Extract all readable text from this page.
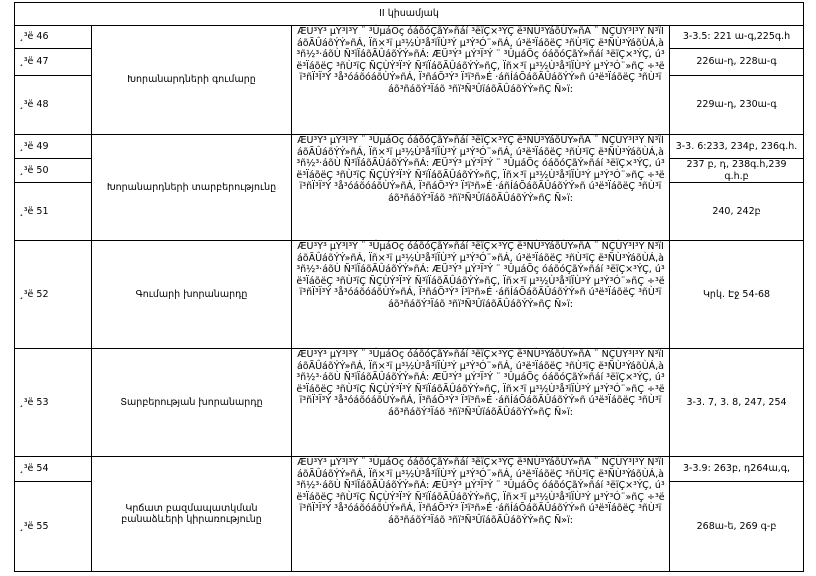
II կիսամյակ			
¸³ë 46	Խորանարդների գումարը	ÆÜ³Ý³ µÝ³Ï³Ý ¨ ³ÛµáÕç óáõóÇãÝ»ñáí ³ëïÇ×³ÝÇ ë³ÑÙ³ÝáõÙÝ»ñÁ ¨ ÑÇÙÝ³Ï³Ý Ñ³ïÏáõÃÛáõÝÝ»ñÁ, Ïñ×³ï µ³½Ù³å³ïÏÙ³Ý µ³Ý³Ó¨»ñÁ, ú³ë³ÏáõëÇ ³ñÙ³ïÇ ë³ÑÙ³ÝáõÙÁ,à³ñ½³·áõÙ Ñ³ïÏáõÃÛáõÝÝ»ñÁ: ÆÜ³Ý³ µÝ³Ï³Ý ¨ ³ÛµáÕç óáõóÇãÝ»ñáí ³ëïÇ×³ÝÇ, ú³ë³ÏáõëÇ ³ñÙ³ïÇ ÑÇÙÝ³Ï³Ý Ñ³ïÏáõÃÛáõÝÝ»ñÇ, Ïñ×³ï µ³½Ù³å³ïÏÙ³Ý µ³Ý³Ó¨»ñÇ ÷³ëï³ñÏ³Ï³Ý ³å³óáõóáõÙÝ»ñÁ, Ï³ñáÕ³Ý³ Ï³ï³ñ»É ·áñÍáÕáõÃÛáõÝÝ»ñ ú³ë³ÏáõëÇ ³ñÙ³ï áõ³ñáõÝ³Ïáõ ³ñï³Ñ³ÛïáõÃÛáõÝÝ»ñÇ Ñ»ï:	3-3.5: 221 ա-գ,225գ.հ
¸³ë 47			226ա-դ, 228ա-գ
¸³ë 48			229ա-դ, 230ա-գ
¸³ë 49	Խորանարդների տարբերությունը	ÆÜ³Ý³ µÝ³Ï³Ý ¨ ³ÛµáÕç óáõóÇãÝ»ñáí ³ëïÇ×³ÝÇ ë³ÑÙ³ÝáõÙÝ»ñÁ ¨ ÑÇÙÝ³Ï³Ý Ñ³ïÏáõÃÛáõÝÝ»ñÁ, Ïñ×³ï µ³½Ù³å³ïÏÙ³Ý µ³Ý³Ó¨»ñÁ, ú³ë³ÏáõëÇ ³ñÙ³ïÇ ë³ÑÙ³ÝáõÙÁ,à³ñ½³·áõÙ Ñ³ïÏáõÃÛáõÝÝ»ñÁ: ÆÜ³Ý³ µÝ³Ï³Ý ¨ ³ÛµáÕç óáõóÇãÝ»ñáí ³ëïÇ×³ÝÇ, ú³ë³ÏáõëÇ ³ñÙ³ïÇ ÑÇÙÝ³Ï³Ý Ñ³ïÏáõÃÛáõÝÝ»ñÇ, Ïñ×³ï µ³½Ù³å³ïÏÙ³Ý µ³Ý³Ó¨»ñÇ ÷³ëï³ñÏ³Ï³Ý ³å³óáõóáõÙÝ»ñÁ, Ï³ñáÕ³Ý³ Ï³ï³ñ»É ·áñÍáÕáõÃÛáõÝÝ»ñ ú³ë³ÏáõëÇ ³ñÙ³ï áõ³ñáõÝ³Ïáõ ³ñï³Ñ³ÛïáõÃÛáõÝÝ»ñÇ Ñ»ï:	3-3. 6:233, 234բ, 236գ.հ.
¸³ë 50			237 բ, դ, 238գ.հ,239 գ.հ.բ
¸³ë 51			240, 242բ
¸³ë 52	Գումարի խորանարդը	ÆÜ³Ý³ µÝ³Ï³Ý ¨ ³ÛµáÕç óáõóÇãÝ»ñáí ³ëïÇ×³ÝÇ ë³ÑÙ³ÝáõÙÝ»ñÁ ¨ ÑÇÙÝ³Ï³Ý Ñ³ïÏáõÃÛáõÝÝ»ñÁ, Ïñ×³ï µ³½Ù³å³ïÏÙ³Ý µ³Ý³Ó¨»ñÁ, ú³ë³ÏáõëÇ ³ñÙ³ïÇ ë³ÑÙ³ÝáõÙÁ,à³ñ½³·áõÙ Ñ³ïÏáõÃÛáõÝÝ»ñÁ: ÆÜ³Ý³ µÝ³Ï³Ý ¨ ³ÛµáÕç óáõóÇãÝ»ñáí ³ëïÇ×³ÝÇ, ú³ë³ÏáõëÇ ³ñÙ³ïÇ ÑÇÙÝ³Ï³Ý Ñ³ïÏáõÃÛáõÝÝ»ñÇ, Ïñ×³ï µ³½Ù³å³ïÏÙ³Ý µ³Ý³Ó¨»ñÇ ÷³ëï³ñÏ³Ï³Ý ³å³óáõóáõÙÝ»ñÁ, Ï³ñáÕ³Ý³ Ï³ï³ñ»É ·áñÍáÕáõÃÛáõÝÝ»ñ ú³ë³ÏáõëÇ ³ñÙ³ï áõ³ñáõÝ³Ïáõ ³ñï³Ñ³ÛïáõÃÛáõÝÝ»ñÇ Ñ»ï:	Կրկ. Էջ 54-68
¸³ë 53	Տարբերության խորանարդը	ÆÜ³Ý³ µÝ³Ï³Ý ¨ ³ÛµáÕç óáõóÇãÝ»ñáí ³ëïÇ×³ÝÇ ë³ÑÙ³ÝáõÙÝ»ñÁ ¨ ÑÇÙÝ³Ï³Ý Ñ³ïÏáõÃÛáõÝÝ»ñÁ, Ïñ×³ï µ³½Ù³å³ïÏÙ³Ý µ³Ý³Ó¨»ñÁ, ú³ë³ÏáõëÇ ³ñÙ³ïÇ ë³ÑÙ³ÝáõÙÁ,à³ñ½³·áõÙ Ñ³ïÏáõÃÛáõÝÝ»ñÁ: ÆÜ³Ý³ µÝ³Ï³Ý ¨ ³ÛµáÕç óáõóÇãÝ»ñáí ³ëïÇ×³ÝÇ, ú³ë³ÏáõëÇ ³ñÙ³ïÇ ÑÇÙÝ³Ï³Ý Ñ³ïÏáõÃÛáõÝÝ»ñÇ, Ïñ×³ï µ³½Ù³å³ïÏÙ³Ý µ³Ý³Ó¨»ñÇ ÷³ëï³ñÏ³Ï³Ý ³å³óáõóáõÙÝ»ñÁ, Ï³ñáÕ³Ý³ Ï³ï³ñ»É ·áñÍáÕáõÃÛáõÝÝ»ñ ú³ë³ÏáõëÇ ³ñÙ³ï áõ³ñáõÝ³Ïáõ ³ñï³Ñ³ÛïáõÃÛáõÝÝ»ñÇ Ñ»ï:	3-3. 7, 3. 8, 247, 254
¸³ë 54	Կրճատ բազմապատկման բանաձևերի կիրառությունը	ÆÜ³Ý³ µÝ³Ï³Ý ¨ ³ÛµáÕç óáõóÇãÝ»ñáí ³ëïÇ×³ÝÇ ë³ÑÙ³ÝáõÙÝ»ñÁ ¨ ÑÇÙÝ³Ï³Ý Ñ³ïÏáõÃÛáõÝÝ»ñÁ, Ïñ×³ï µ³½Ù³å³ïÏÙ³Ý µ³Ý³Ó¨»ñÁ, ú³ë³ÏáõëÇ ³ñÙ³ïÇ ë³ÑÙ³ÝáõÙÁ,à³ñ½³·áõÙ Ñ³ïÏáõÃÛáõÝÝ»ñÁ: ÆÜ³Ý³ µÝ³Ï³Ý ¨ ³ÛµáÕç óáõóÇãÝ»ñáí ³ëïÇ×³ÝÇ, ú³ë³ÏáõëÇ ³ñÙ³ïÇ ÑÇÙÝ³Ï³Ý Ñ³ïÏáõÃÛáõÝÝ»ñÇ, Ïñ×³ï µ³½Ù³å³ïÏÙ³Ý µ³Ý³Ó¨»ñÇ ÷³ëï³ñÏ³Ï³Ý ³å³óáõóáõÙÝ»ñÁ, Ï³ñáÕ³Ý³ Ï³ï³ñ»É ·áñÍáÕáõÃÛáõÝÝ»ñ ú³ë³ÏáõëÇ ³ñÙ³ï áõ³ñáõÝ³Ïáõ ³ñï³Ñ³ÛïáõÃÛáõÝÝ»ñÇ Ñ»ï:	3-3.9: 263բ, դ264ա,գ,
¸³ë 55			268ա-ե, 269 գ-բ
